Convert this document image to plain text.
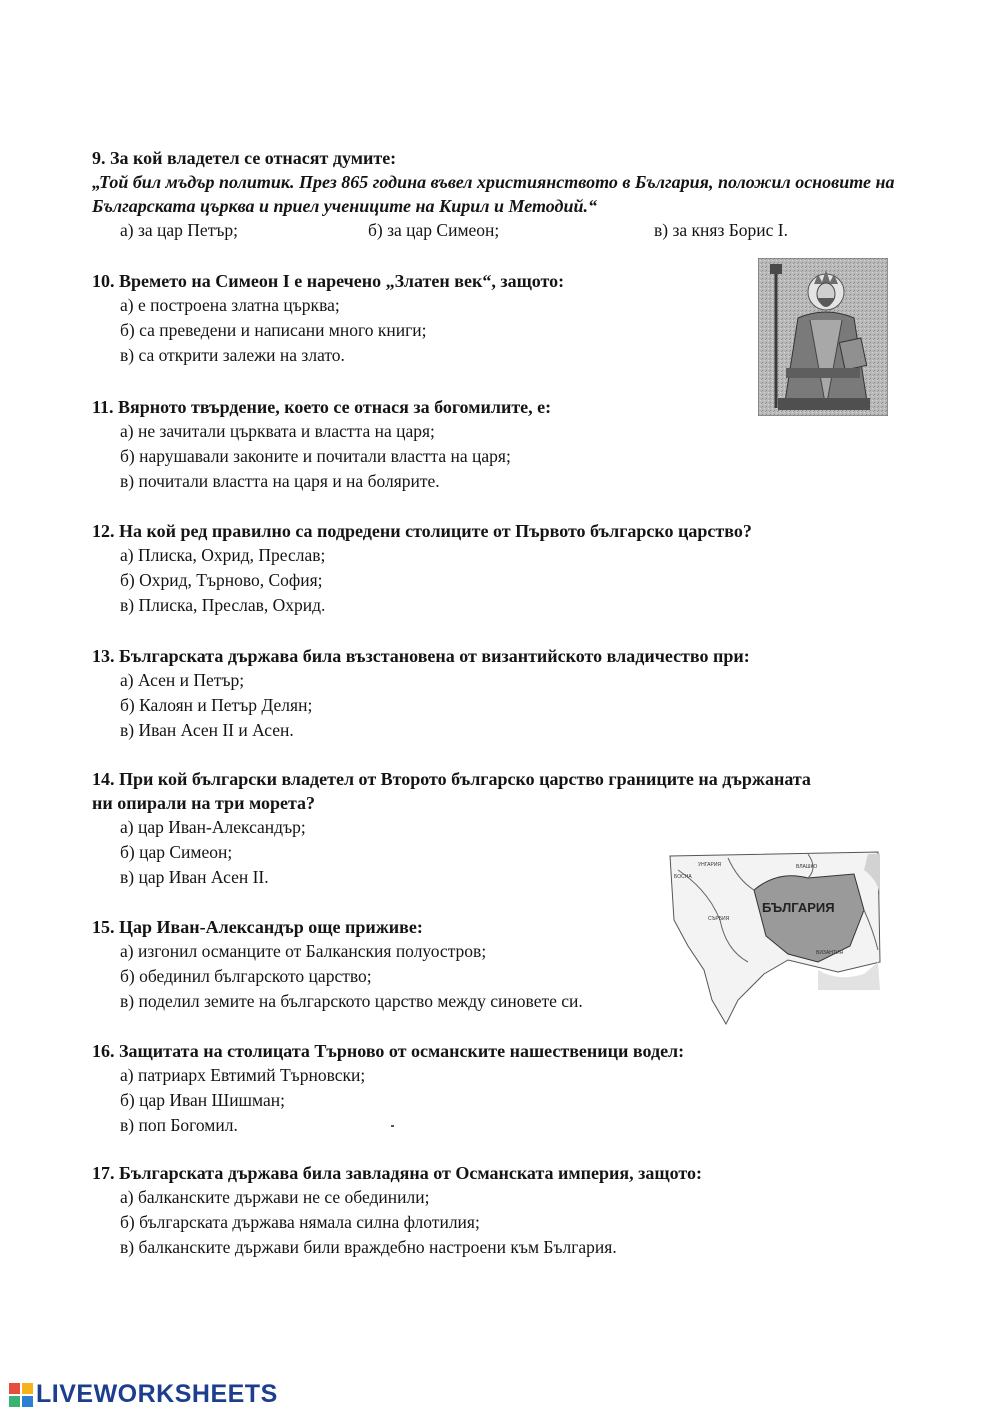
9. За кой владетел се отнасят думите:
„Той бил мъдър политик. През 865 година въвел християнството в България, положил основите на Българската църква и приел учениците на Кирил и Методий.“
а) за цар Петър;	б) за цар Симеон;	в) за княз Борис I.
10. Времето на Симеон I е наречено „Златен век“, защото:
а) е построена златна църква;
б) са преведени и написани много книги;
в) са открити залежи на злато.
11. Вярното твърдение, което се отнася за богомилите, е:
а) не зачитали църквата и властта на царя;
б) нарушавали законите и почитали властта на царя;
в) почитали властта на царя и на болярите.
12. На кой ред правилно са подредени столиците от Първото българско царство?
а) Плиска, Охрид, Преслав;
б) Охрид, Търново, София;
в) Плиска, Преслав, Охрид.
13. Българската държава била възстановена от византийското владичество при:
а) Асен и Петър;
б) Калоян и Петър Делян;
в) Иван Асен II и Асен.
14. При кой български владетел от Второто българско царство границите на държаната ни опирали на три морета?
а) цар Иван-Александър;
б) цар Симеон;
в) цар Иван Асен II.
15. Цар Иван-Александър още приживе:
а) изгонил османците от Балканския полуостров;
б) обединил българското царство;
в) поделил земите на българското царство между синовете си.
16. Защитата на столицата Търново от османските нашественици водел:
а) патриарх Евтимий Търновски;
б) цар Иван Шишман;
в) поп Богомил.
17. Българската държава била завладяна от Османската империя, защото:
а) балканските държави не се обединили;
б) българската държава нямала силна флотилия;
в) балканските държави били враждебно настроени към България.
БЪЛГАРИЯ
УНГАРИЯ	ВЛАШКО
СЪРБИЯ
ВИЗАНТИЯ
БОСНА
LIVEWORKSHEETS
